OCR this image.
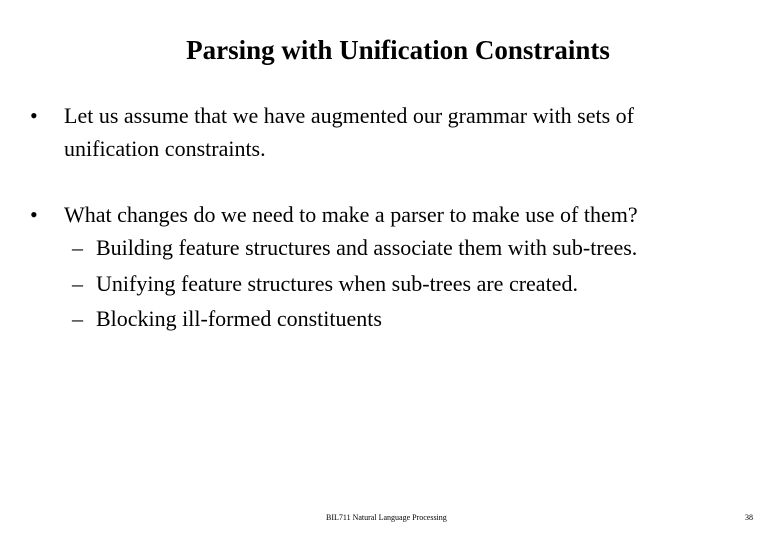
Parsing with Unification Constraints
•	Let us assume that we have augmented our grammar with sets of
unification constraints.
•	What changes do we need to make a parser to make use of them?
– Building feature structures and associate them with sub-trees.
– Unifying feature structures when sub-trees are created.
– Blocking ill-formed constituents
BIL711 Natural Language Processing	38
